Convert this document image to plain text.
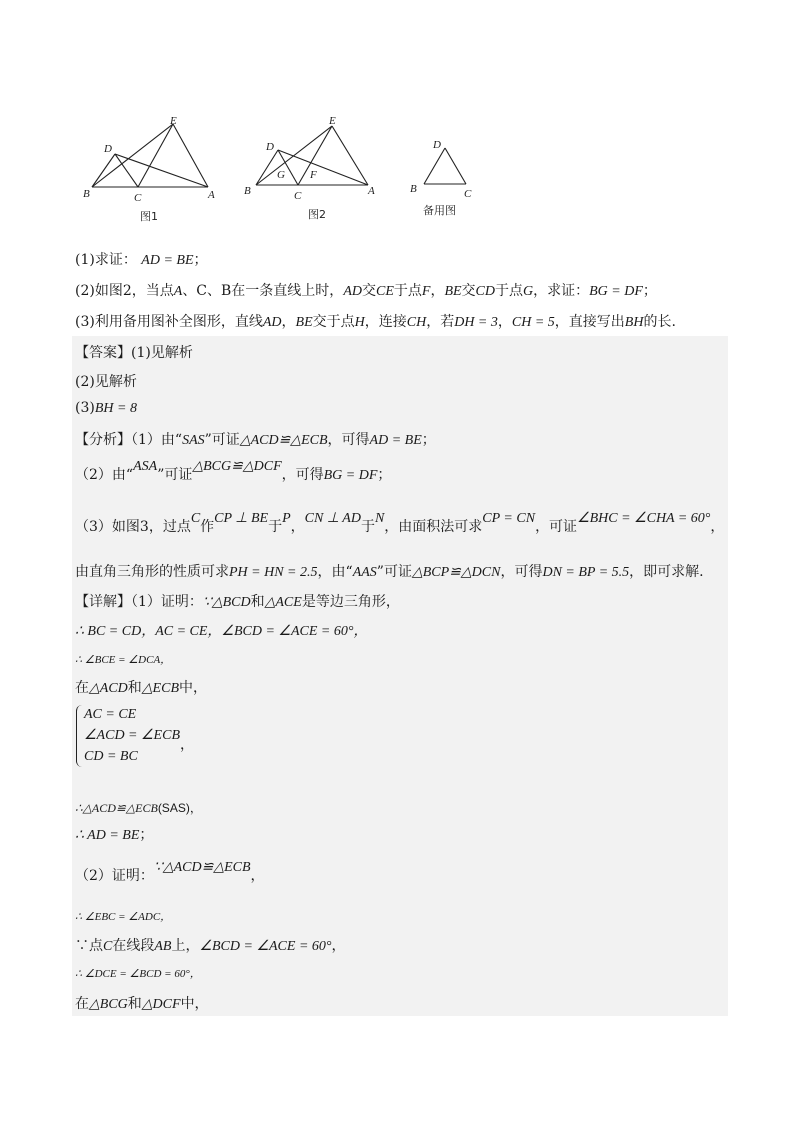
E
D
B	C	A
图1
E
D
G F
B	C	A
图2
D
B	C
备用图
(1)求证： AD = BE；
(2)如图2，当点A、C、B在一条直线上时，AD交CE于点F，BE交CD于点G，求证：BG = DF；
(3)利用备用图补全图形，直线AD，BE交于点H，连接CH，若DH = 3，CH = 5，直接写出BH的长.
【答案】(1)见解析
(2)见解析
(3)BH = 8
【分析】（1）由“SAS”可证△ACD≌△ECB，可得AD = BE；
（2）由“ASA”可证△BCG≌△DCF，可得BG = DF；
（3）如图3，过点C作CP ⊥ BE于P，CN ⊥ AD于N，由面积法可求CP = CN，可证∠BHC = ∠CHA = 60°，
由直角三角形的性质可求PH = HN = 2.5，由“AAS”可证△BCP≌△DCN，可得DN = BP = 5.5，即可求解.
【详解】（1）证明：∵△BCD和△ACE是等边三角形，
∴ BC = CD，AC = CE，∠BCD = ∠ACE = 60°，
∴ ∠BCE = ∠DCA，
在△ACD和△ECB中，
AC = CE
∠ACD = ∠ECB，
CD = BC
∴△ACD≌△ECB(SAS)，
∴ AD = BE；
（2）证明：∵△ACD≌△ECB，
∴ ∠EBC = ∠ADC，
∵点C在线段AB上，∠BCD = ∠ACE = 60°，
∴ ∠DCE = ∠BCD = 60°，
在△BCG和△DCF中，
